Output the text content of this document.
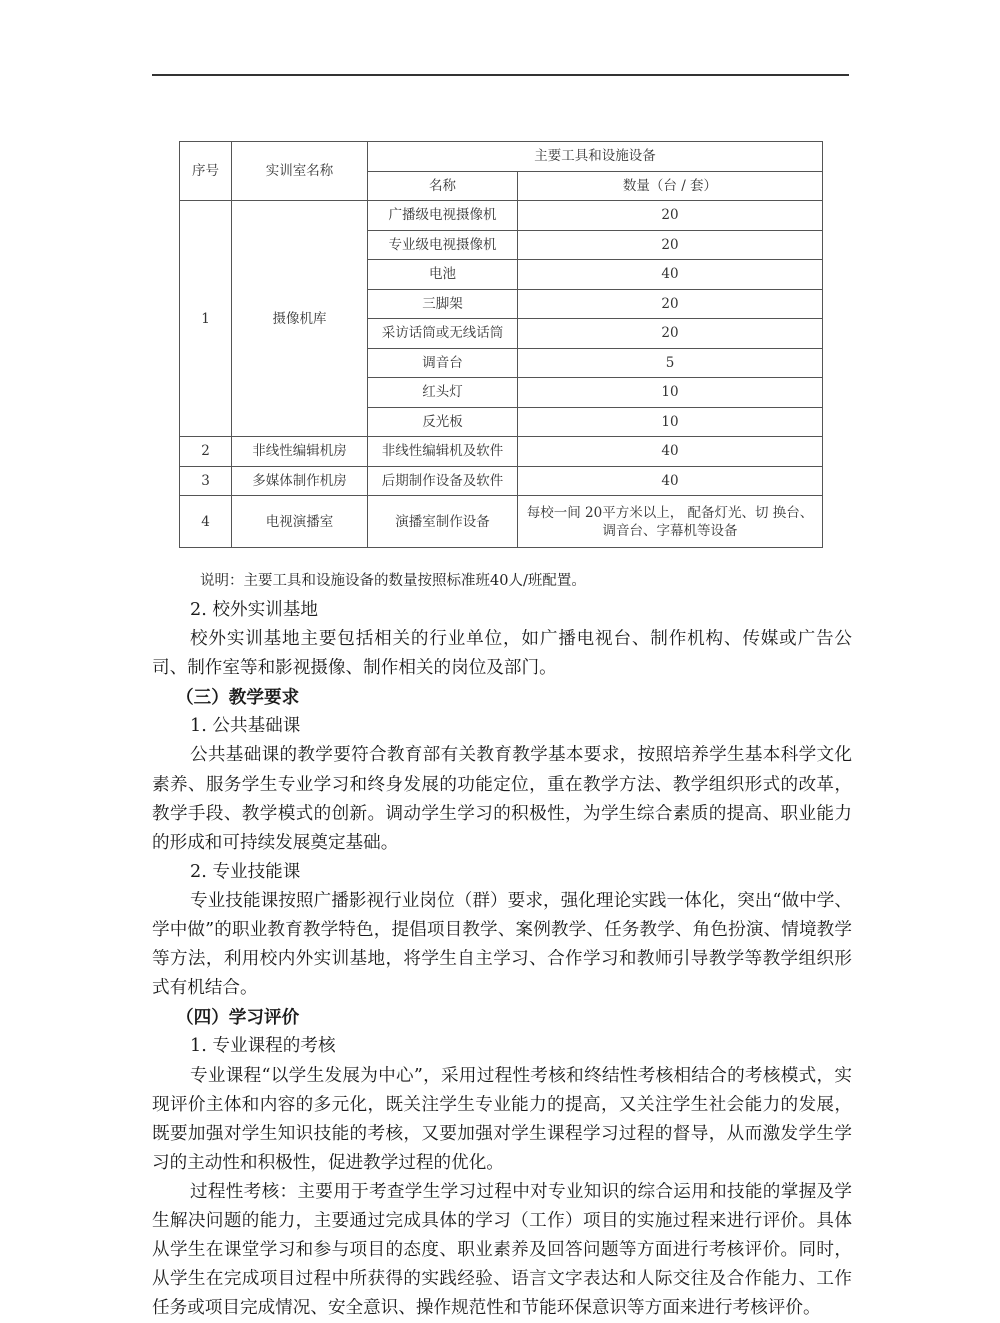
序号	实训室名称	主要工具和设施设备	
		名称	数量（台 / 套）
1	摄像机库	广播级电视摄像机	20
		专业级电视摄像机	20
		电池	40
		三脚架	20
		采访话筒或无线话筒	20
		调音台	5
		红头灯	10
		反光板	10
2	非线性编辑机房	非线性编辑机及软件	40
3	多媒体制作机房	后期制作设备及软件	40
4	电视演播室	演播室制作设备	每校一间 20平方米以上， 配备灯光、切 换台、调音台、字幕机等设备
说明：主要工具和设施设备的数量按照标准班40人/班配置。

2. 校外实训基地

校外实训基地主要包括相关的行业单位，如广播电视台、制作机构、传媒或广告公司、制作室等和影视摄像、制作相关的岗位及部门。

（三）教学要求

1. 公共基础课

公共基础课的教学要符合教育部有关教育教学基本要求，按照培养学生基本科学文化素养、服务学生专业学习和终身发展的功能定位，重在教学方法、教学组织形式的改革，教学手段、教学模式的创新。调动学生学习的积极性，为学生综合素质的提高、职业能力的形成和可持续发展奠定基础。

2. 专业技能课

专业技能课按照广播影视行业岗位（群）要求，强化理论实践一体化，突出“做中学、学中做”的职业教育教学特色，提倡项目教学、案例教学、任务教学、角色扮演、情境教学等方法，利用校内外实训基地，将学生自主学习、合作学习和教师引导教学等教学组织形式有机结合。

（四）学习评价

1. 专业课程的考核

专业课程“以学生发展为中心”，采用过程性考核和终结性考核相结合的考核模式，实现评价主体和内容的多元化，既关注学生专业能力的提高，又关注学生社会能力的发展，既要加强对学生知识技能的考核，又要加强对学生课程学习过程的督导，从而激发学生学习的主动性和积极性，促进教学过程的优化。

过程性考核：主要用于考查学生学习过程中对专业知识的综合运用和技能的掌握及学生解决问题的能力，主要通过完成具体的学习（工作）项目的实施过程来进行评价。具体从学生在课堂学习和参与项目的态度、职业素养及回答问题等方面进行考核评价。同时，从学生在完成项目过程中所获得的实践经验、语言文字表达和人际交往及合作能力、工作任务或项目完成情况、安全意识、操作规范性和节能环保意识等方面来进行考核评价。
